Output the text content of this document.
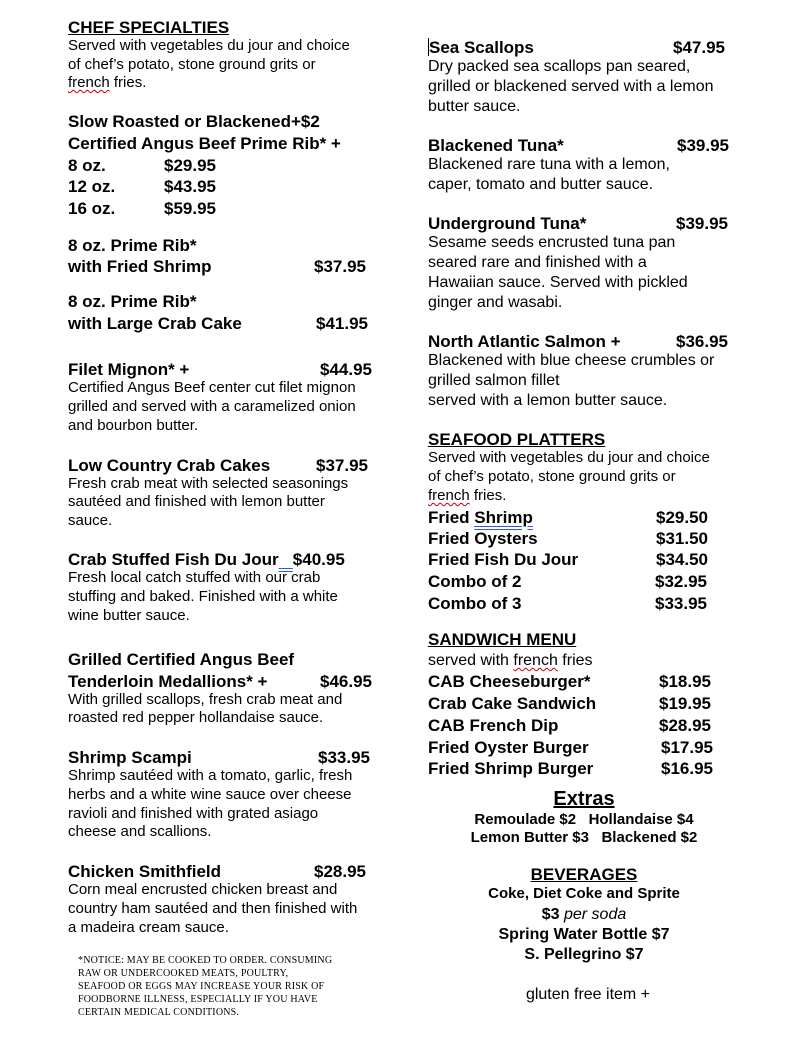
CHEF SPECIALTIES
Served with vegetables du jour and choice
of chef’s potato, stone ground grits or
french fries.
Slow Roasted or Blackened+$2
Certified Angus Beef Prime Rib* +
8 oz.	$29.95
12 oz.	$43.95
16 oz.	$59.95
8 oz. Prime Rib*
with Fried Shrimp	$37.95
8 oz. Prime Rib*
with Large Crab Cake	$41.95
Filet Mignon* +	$44.95
Certified Angus Beef center cut filet mignon
grilled and served with a caramelized onion
and bourbon butter.
Low Country Crab Cakes	$37.95
Fresh crab meat with selected seasonings
sautéed and finished with lemon butter
sauce.
Crab Stuffed Fish Du Jour $40.95
Fresh local catch stuffed with our crab
stuffing and baked. Finished with a white
wine butter sauce.
Grilled Certified Angus Beef
Tenderloin Medallions* +	$46.95
With grilled scallops, fresh crab meat and
roasted red pepper hollandaise sauce.
Shrimp Scampi	$33.95
Shrimp sautéed with a tomato, garlic, fresh
herbs and a white wine sauce over cheese
ravioli and finished with grated asiago
cheese and scallions.
Chicken Smithfield	$28.95
Corn meal encrusted chicken breast and
country ham sautéed and then finished with
a madeira cream sauce.
*NOTICE: MAY BE COOKED TO ORDER. CONSUMING
RAW OR UNDERCOOKED MEATS, POULTRY,
SEAFOOD OR EGGS MAY INCREASE YOUR RISK OF
FOODBORNE ILLNESS, ESPECIALLY IF YOU HAVE
CERTAIN MEDICAL CONDITIONS.
Sea Scallops	$47.95
Dry packed sea scallops pan seared,
grilled or blackened served with a lemon
butter sauce.
Blackened Tuna*	$39.95
Blackened rare tuna with a lemon,
caper, tomato and butter sauce.
Underground Tuna*	$39.95
Sesame seeds encrusted tuna pan
seared rare and finished with a
Hawaiian sauce. Served with pickled
ginger and wasabi.
North Atlantic Salmon +	$36.95
Blackened with blue cheese crumbles or
grilled salmon fillet
served with a lemon butter sauce.
SEAFOOD PLATTERS
Served with vegetables du jour and choice
of chef’s potato, stone ground grits or
french fries.
Fried Shrimp	$29.50
Fried Oysters	$31.50
Fried Fish Du Jour	$34.50
Combo of 2	$32.95
Combo of 3	$33.95
SANDWICH MENU
served with french fries
CAB Cheeseburger*	$18.95
Crab Cake Sandwich	$19.95
CAB French Dip	$28.95
Fried Oyster Burger	$17.95
Fried Shrimp Burger	$16.95
Extras
Remoulade $2   Hollandaise $4
Lemon Butter $3   Blackened $2
BEVERAGES
Coke, Diet Coke and Sprite
$3 per soda
Spring Water Bottle $7
S. Pellegrino $7
gluten free item +
